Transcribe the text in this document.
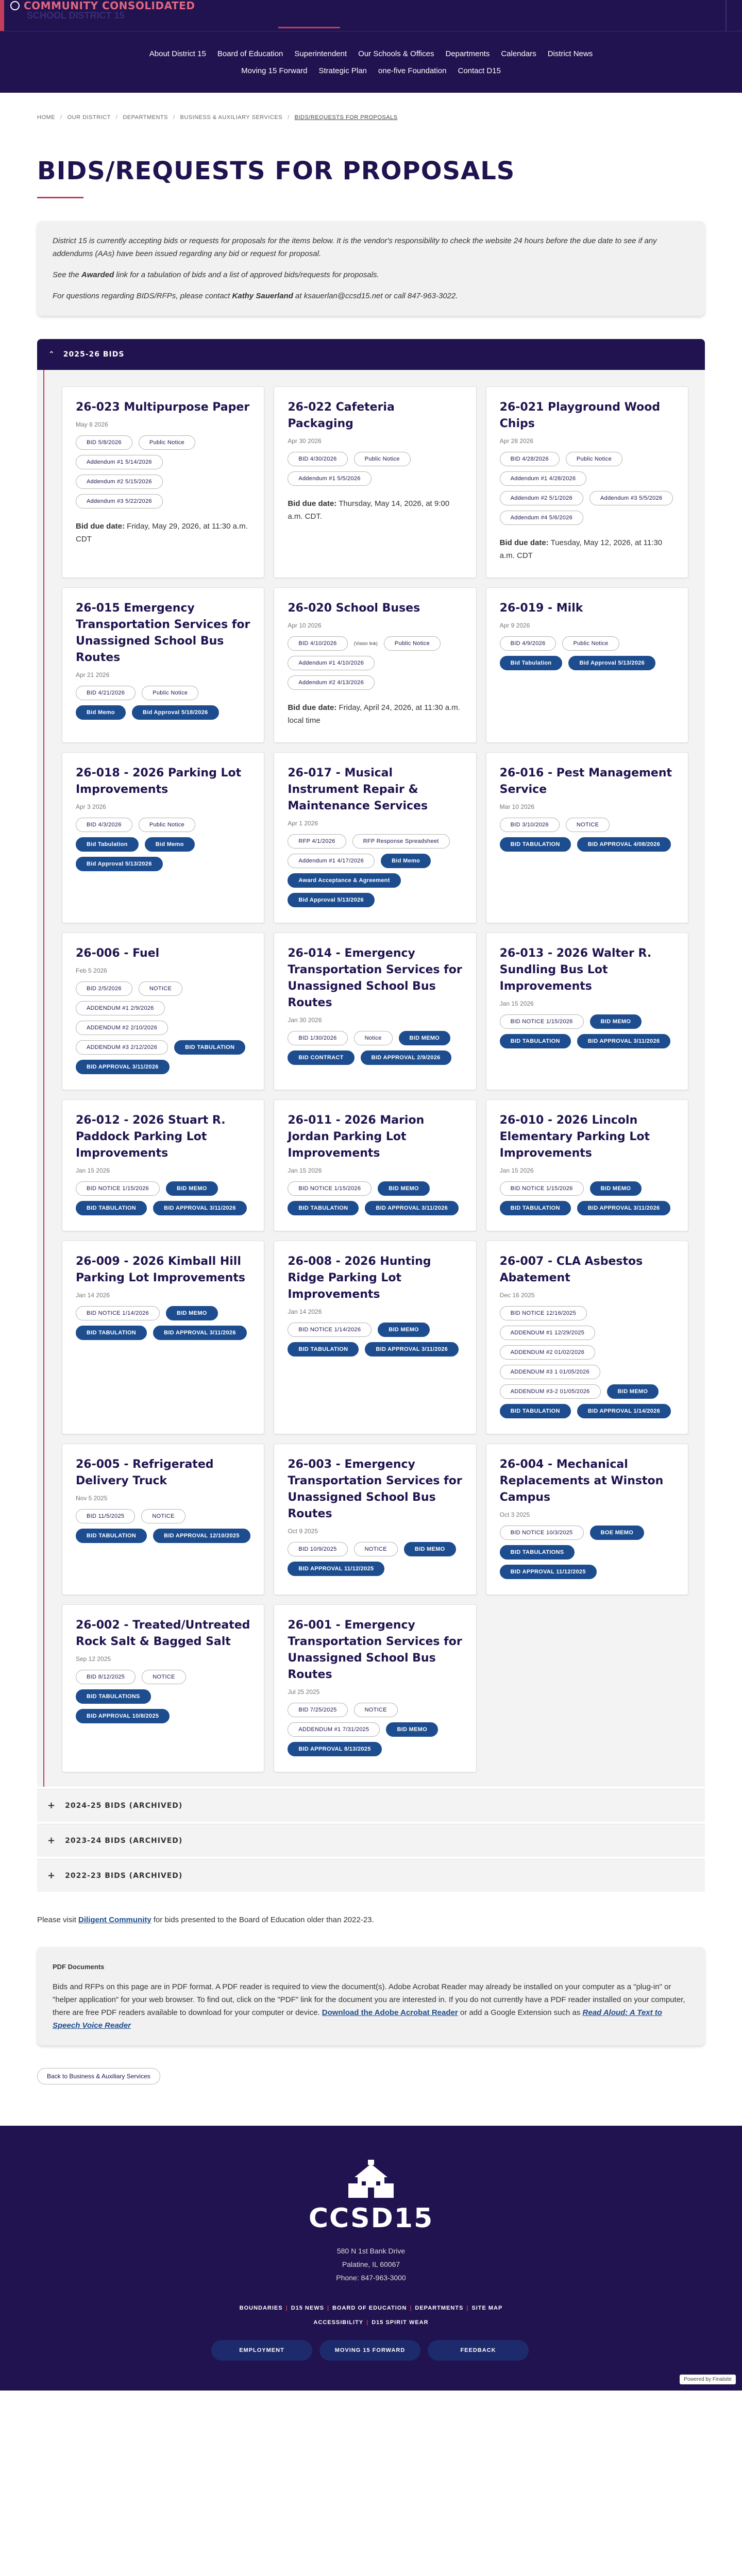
COMMUNITY CONSOLIDATED
SCHOOL DISTRICT 15
About District 15 Board of Education Superintendent Our Schools & Offices Departments Calendars District News
Moving 15 Forward Strategic Plan one-five Foundation Contact D15
HOME / OUR DISTRICT / DEPARTMENTS / BUSINESS & AUXILIARY SERVICES / BIDS/REQUESTS FOR PROPOSALS
BIDS/REQUESTS FOR PROPOSALS

District 15 is currently accepting bids or requests for proposals for the items below. It is the vendor's responsibility to check the website 24 hours before the due date to see if any addendums (AAs) have been issued regarding any bid or request for proposal.

See the Awarded link for a tabulation of bids and a list of approved bids/requests for proposals.

For questions regarding BIDS/RFPs, please contact Kathy Sauerland at ksauerlan@ccsd15.net or call 847-963-3022.

⌃ 2025-26 BIDS
26-023 Multipurpose Paper
May 8 2026
BID 5/8/2026	Public Notice
Addendum #1 5/14/2026
Addendum #2 5/15/2026
Addendum #3 5/22/2026

Bid due date: Friday, May 29, 2026, at 11:30 a.m. CDT

26-022 Cafeteria Packaging
Apr 30 2026
BID 4/30/2026	Public Notice
Addendum #1 5/5/2026

Bid due date: Thursday, May 14, 2026, at 9:00 a.m. CDT.

26-021 Playground Wood Chips
Apr 28 2026
BID 4/28/2026	Public Notice
Addendum #1 4/28/2026
Addendum #2 5/1/2026	Addendum #3 5/5/2026
Addendum #4 5/6/2026

Bid due date: Tuesday, May 12, 2026, at 11:30 a.m. CDT

26-015 Emergency Transportation Services for Unassigned School Bus Routes
Apr 21 2026
BID 4/21/2026	Public Notice
Bid Memo	Bid Approval 5/18/2026
26-020 School Buses
Apr 10 2026
BID 4/10/2026	(Vision link)	Public Notice
Addendum #1 4/10/2026
Addendum #2 4/13/2026

Bid due date: Friday, April 24, 2026, at 11:30 a.m. local time

26-019 - Milk
Apr 9 2026
BID 4/9/2026	Public Notice
Bid Tabulation	Bid Approval 5/13/2026
26-018 - 2026 Parking Lot Improvements
Apr 3 2026
BID 4/3/2026	Public Notice
Bid Tabulation	Bid Memo
Bid Approval 5/13/2026
26-017 - Musical Instrument Repair & Maintenance Services
Apr 1 2026
RFP 4/1/2026	RFP Response Spreadsheet
Addendum #1 4/17/2026	Bid Memo
Award Acceptance & Agreement
Bid Approval 5/13/2026
26-016 - Pest Management Service
Mar 10 2026
BID 3/10/2026	NOTICE
BID TABULATION	BID APPROVAL 4/08/2026
26-006 - Fuel
Feb 5 2026
BID 2/5/2026	NOTICE
ADDENDUM #1 2/9/2026
ADDENDUM #2 2/10/2026
ADDENDUM #3 2/12/2026	BID TABULATION
BID APPROVAL 3/11/2026
26-014 - Emergency Transportation Services for Unassigned School Bus Routes
Jan 30 2026
BID 1/30/2026	Notice	BID MEMO
BID CONTRACT	BID APPROVAL 2/9/2026
26-013 - 2026 Walter R. Sundling Bus Lot Improvements
Jan 15 2026
BID NOTICE 1/15/2026	BID MEMO
BID TABULATION	BID APPROVAL 3/11/2026
26-012 - 2026 Stuart R. Paddock Parking Lot Improvements
Jan 15 2026
BID NOTICE 1/15/2026	BID MEMO
BID TABULATION	BID APPROVAL 3/11/2026
26-011 - 2026 Marion Jordan Parking Lot Improvements
Jan 15 2026
BID NOTICE 1/15/2026	BID MEMO
BID TABULATION	BID APPROVAL 3/11/2026
26-010 - 2026 Lincoln Elementary Parking Lot Improvements
Jan 15 2026
BID NOTICE 1/15/2026	BID MEMO
BID TABULATION	BID APPROVAL 3/11/2026
26-009 - 2026 Kimball Hill Parking Lot Improvements
Jan 14 2026
BID NOTICE 1/14/2026	BID MEMO
BID TABULATION	BID APPROVAL 3/11/2026
26-008 - 2026 Hunting Ridge Parking Lot Improvements
Jan 14 2026
BID NOTICE 1/14/2026	BID MEMO
BID TABULATION	BID APPROVAL 3/11/2026
26-007 - CLA Asbestos Abatement
Dec 16 2025
BID NOTICE 12/16/2025
ADDENDUM #1 12/29/2025
ADDENDUM #2 01/02/2026
ADDENDUM #3 1 01/05/2026
ADDENDUM #3-2 01/05/2026	BID MEMO
BID TABULATION	BID APPROVAL 1/14/2026
26-005 - Refrigerated Delivery Truck
Nov 5 2025
BID 11/5/2025	NOTICE
BID TABULATION	BID APPROVAL 12/10/2025
26-003 - Emergency Transportation Services for Unassigned School Bus Routes
Oct 9 2025
BID 10/9/2025	NOTICE	BID MEMO
BID APPROVAL 11/12/2025
26-004 - Mechanical Replacements at Winston Campus
Oct 3 2025
BID NOTICE 10/3/2025	BOE MEMO
BID TABULATIONS
BID APPROVAL 11/12/2025
26-002 - Treated/Untreated Rock Salt & Bagged Salt
Sep 12 2025
BID 8/12/2025	NOTICE
BID TABULATIONS
BID APPROVAL 10/8/2025
26-001 - Emergency Transportation Services for Unassigned School Bus Routes
Jul 25 2025
BID 7/25/2025	NOTICE
ADDENDUM #1 7/31/2025	BID MEMO
BID APPROVAL 8/13/2025
+ 2024-25 BIDS (ARCHIVED)
+ 2023-24 BIDS (ARCHIVED)
+ 2022-23 BIDS (ARCHIVED)

Please visit Diligent Community for bids presented to the Board of Education older than 2022-23.

PDF Documents

Bids and RFPs on this page are in PDF format. A PDF reader is required to view the document(s). Adobe Acrobat Reader may already be installed on your computer as a "plug-in" or "helper application" for your web browser. To find out, click on the "PDF" link for the document you are interested in. If you do not currently have a PDF reader installed on your computer, there are free PDF readers available to download for your computer or device. Download the Adobe Acrobat Reader or add a Google Extension such as Read Aloud: A Text to Speech Voice Reader

Back to Business & Auxiliary Services
CCSD15
580 N 1st Bank Drive
Palatine, IL 60067
Phone: 847-963-3000
BOUNDARIES | D15 NEWS | BOARD OF EDUCATION | DEPARTMENTS | SITE MAP
ACCESSIBILITY | D15 SPIRIT WEAR
EMPLOYMENT	MOVING 15 FORWARD	FEEDBACK
Powered by Finalsite
